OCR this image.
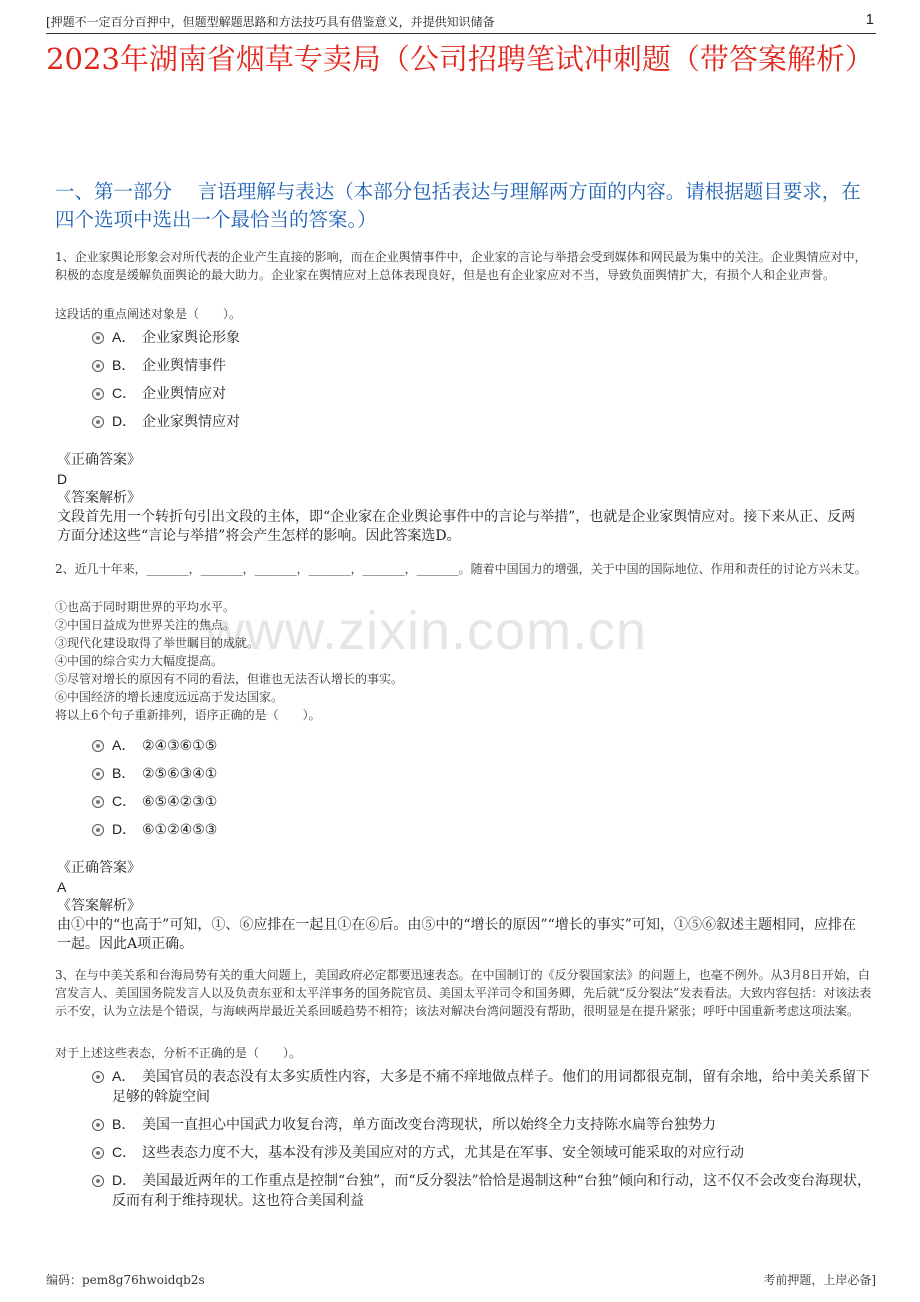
[押题不一定百分百押中，但题型解题思路和方法技巧具有借鉴意义，并提供知识储备	1
2023年湖南省烟草专卖局（公司招聘笔试冲刺题（带答案解析）
一、第一部分　 言语理解与表达（本部分包括表达与理解两方面的内容。请根据题目要求，在四个选项中选出一个最恰当的答案。）
www.zixin.com.cn
1、企业家舆论形象会对所代表的企业产生直接的影响，而在企业舆情事件中，企业家的言论与举措会受到媒体和网民最为集中的关注。企业舆情应对中，积极的态度是缓解负面舆论的最大助力。企业家在舆情应对上总体表现良好，但是也有企业家应对不当，导致负面舆情扩大，有损个人和企业声誉。
这段话的重点阐述对象是（　　）。
A． 企业家舆论形象
B． 企业舆情事件
C． 企业舆情应对
D． 企业家舆情应对
《正确答案》
D
《答案解析》
文段首先用一个转折句引出文段的主体，即“企业家在企业舆论事件中的言论与举措”，也就是企业家舆情应对。接下来从正、反两方面分述这些“言论与举措”将会产生怎样的影响。因此答案选D。
2、近几十年来，_______，_______，_______，_______，_______，_______。随着中国国力的增强，关于中国的国际地位、作用和责任的讨论方兴未艾。
①也高于同时期世界的平均水平。
②中国日益成为世界关注的焦点。
③现代化建设取得了举世瞩目的成就。
④中国的综合实力大幅度提高。
⑤尽管对增长的原因有不同的看法，但谁也无法否认增长的事实。
⑥中国经济的增长速度远远高于发达国家。
将以上6个句子重新排列，语序正确的是（　　）。
A． ②④③⑥①⑤
B． ②⑤⑥③④①
C． ⑥⑤④②③①
D． ⑥①②④⑤③
《正确答案》
A
《答案解析》
由①中的“也高于”可知，①、⑥应排在一起且①在⑥后。由⑤中的“增长的原因”“增长的事实”可知，①⑤⑥叙述主题相同，应排在一起。因此A项正确。
3、在与中美关系和台海局势有关的重大问题上，美国政府必定都要迅速表态。在中国制订的《反分裂国家法》的问题上，也毫不例外。从3月8日开始，白宫发言人、美国国务院发言人以及负责东亚和太平洋事务的国务院官员、美国太平洋司令和国务卿，先后就“反分裂法”发表看法。大致内容包括：对该法表示不安，认为立法是个错误，与海峡两岸最近关系回暖趋势不相符；该法对解决台湾问题没有帮助，很明显是在提升紧张；呼吁中国重新考虑这项法案。
对于上述这些表态，分析不正确的是（　　）。
A． 美国官员的表态没有太多实质性内容，大多是不痛不痒地做点样子。他们的用词都很克制，留有余地，给中美关系留下足够的斡旋空间
B． 美国一直担心中国武力收复台湾，单方面改变台湾现状，所以始终全力支持陈水扁等台独势力
C． 这些表态力度不大，基本没有涉及美国应对的方式，尤其是在军事、安全领域可能采取的对应行动
D． 美国最近两年的工作重点是控制“台独”，而“反分裂法”恰恰是遏制这种“台独”倾向和行动，这不仅不会改变台海现状，反而有利于维持现状。这也符合美国利益
编码：pem8g76hwoidqb2s	考前押题，上岸必备]
